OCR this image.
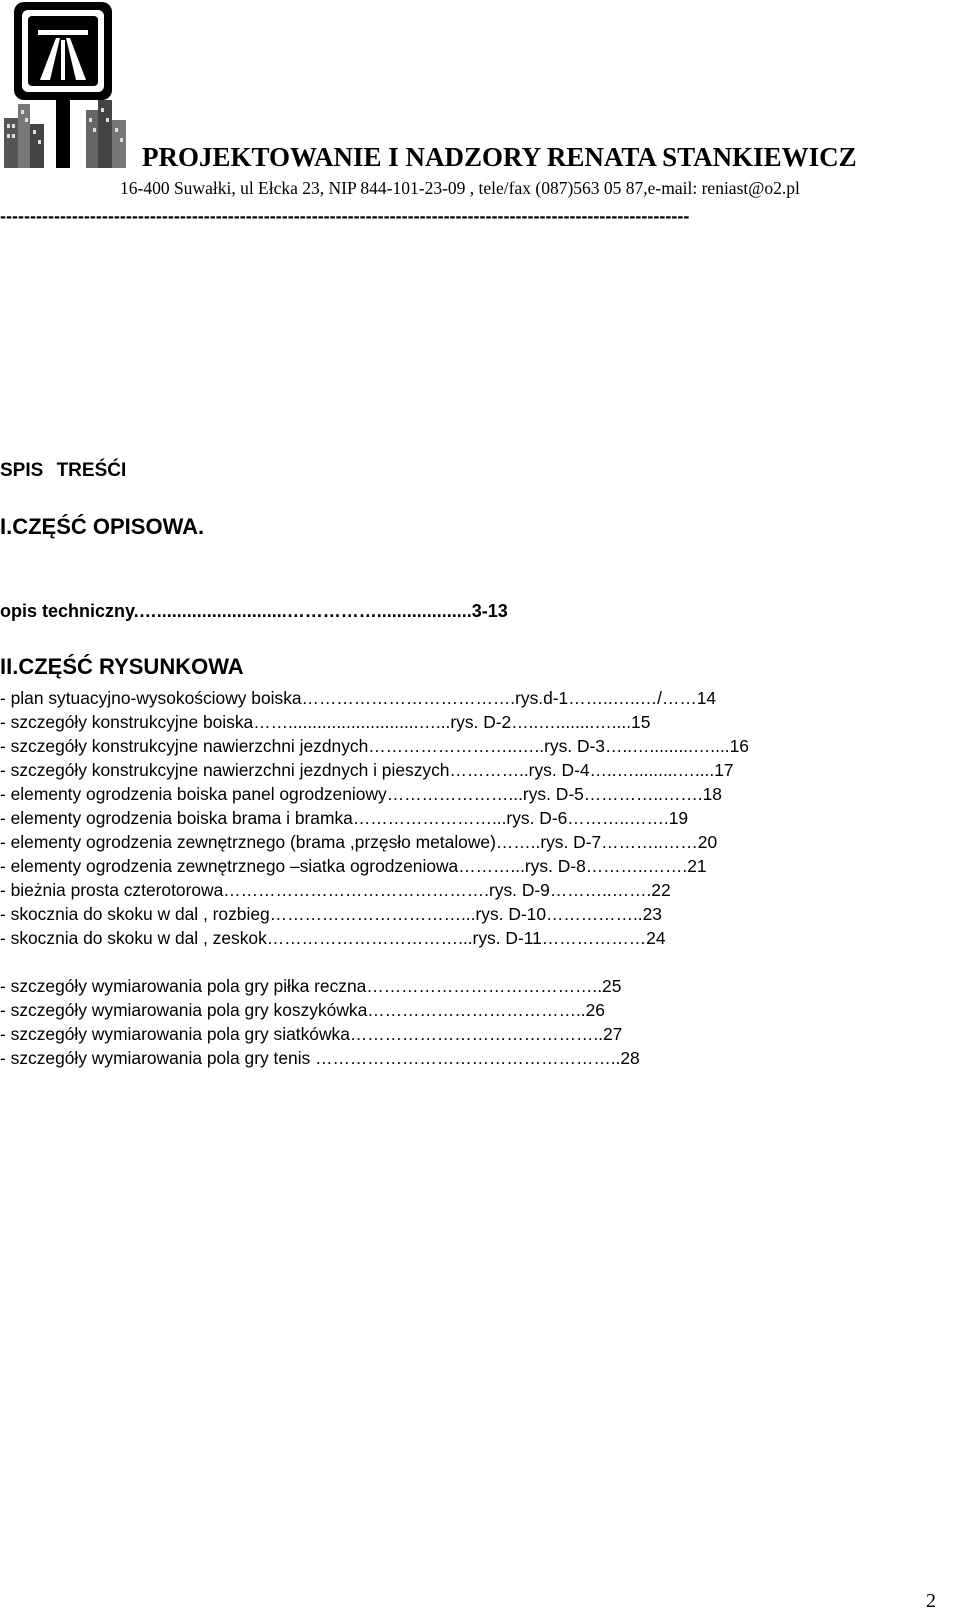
PROJEKTOWANIE I NADZORY RENATA STANKIEWICZ
16-400 Suwałki, ul Ełcka 23, NIP 844-101-23-09 , tele/fax (087)563 05 87,e-mail: reniast@o2.pl
-------------------------------------------------------------------------------------------------------------------
SPIS TREŚĆI
I.CZĘŚĆ OPISOWA.
opis techniczny.…..........................……………...................3-13
II.CZĘŚĆ RYSUNKOWA
- plan sytuacyjno-wysokościowy boiska……………………………….rys.d-1……..…..…/……14
- szczegóły konstrukcyjne boiska……...........................…...rys. D-2…..…........…....15
- szczegóły konstrukcyjne nawierzchni jezdnych……………………..…..rys. D-3…..….........…....16
- szczegóły konstrukcyjne nawierzchni jezdnych i pieszych…………..rys. D-4…..….........…....17
- elementy ogrodzenia boiska panel ogrodzeniowy…………………...rys. D-5…………..…….18
- elementy ogrodzenia boiska brama i bramka……………………...rys. D-6………..…….19
- elementy ogrodzenia zewnętrznego (brama ,przęsło metalowe)……..rys. D-7………..……20
- elementy ogrodzenia zewnętrznego –siatka ogrodzeniowa………...rys. D-8………..…….21
- bieżnia prosta czterotorowa……………………………………….rys. D-9………..…….22
- skocznia do skoku w dal , rozbieg……………………………...rys. D-10……………..23
- skocznia do skoku w dal , zeskok……………………………...rys. D-11………………24
- szczegóły wymiarowania pola gry piłka reczna…………………………………..25
- szczegóły wymiarowania pola gry koszykówka………………………………..26
- szczegóły wymiarowania pola gry siatkówka……………………………………..27
- szczegóły wymiarowania pola gry tenis ……………………………………………..28
2
